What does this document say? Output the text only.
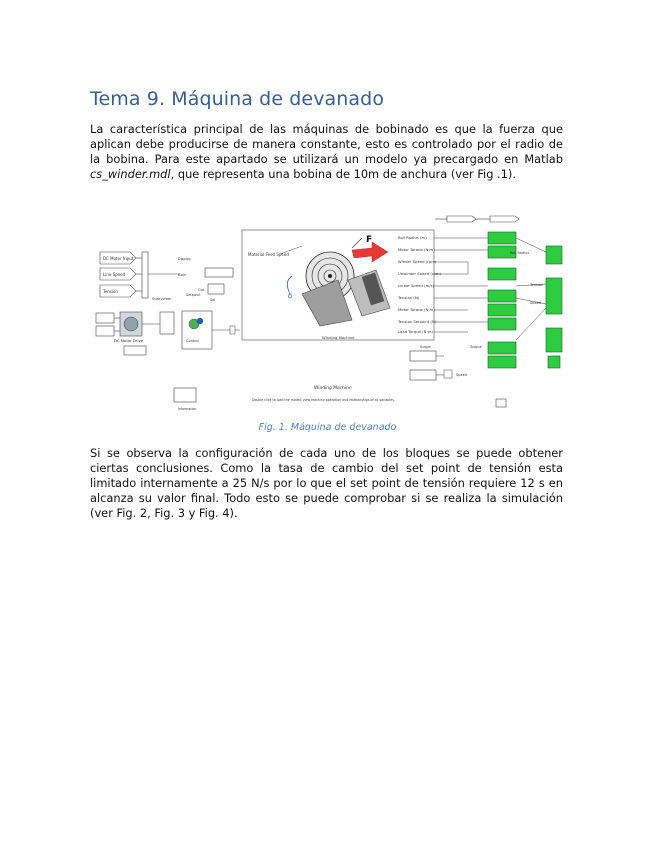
Tema 9. Máquina de devanado

La característica principal de las máquinas de bobinado es que la fuerza que aplican debe producirse de manera constante, esto es controlado por el radio de la bobina. Para este apartado se utilizará un modelo ya precargado en Matlab cs_winder.mdl, que representa una bobina de 10m de anchura (ver Fig .1).

DC Motor Input
Line Speed
Tension
Subsystem
Display
Gain
Out
Setpoint
Sel
DC Motor Drive	Control
Material Feed Speed
F
Winding Machine
Roll Radius (m)
Motor Torque (N·m)
Winder Speed (rpm)
Unwinder Speed (rpm)
Linear Speed (m/s)
Tension (N)
Motor Torque (N·m)
Tension Setpoint (N)
Load Torque (N·m)
Roll Radius
Tension
Speed
Torque
Scope
Speed
Winding Machine
Double click to load the model; view machine operation and relationships of all variables
Information

Fig. 1. Máquina de devanado

Si se observa la configuración de cada uno de los bloques se puede obtener ciertas conclusiones. Como la tasa de cambio del set point de tensión esta limitado internamente a 25 N/s por lo que el set point de tensión requiere 12 s en alcanza su valor final. Todo esto se puede comprobar si se realiza la simulación (ver Fig. 2, Fig. 3 y Fig. 4).
